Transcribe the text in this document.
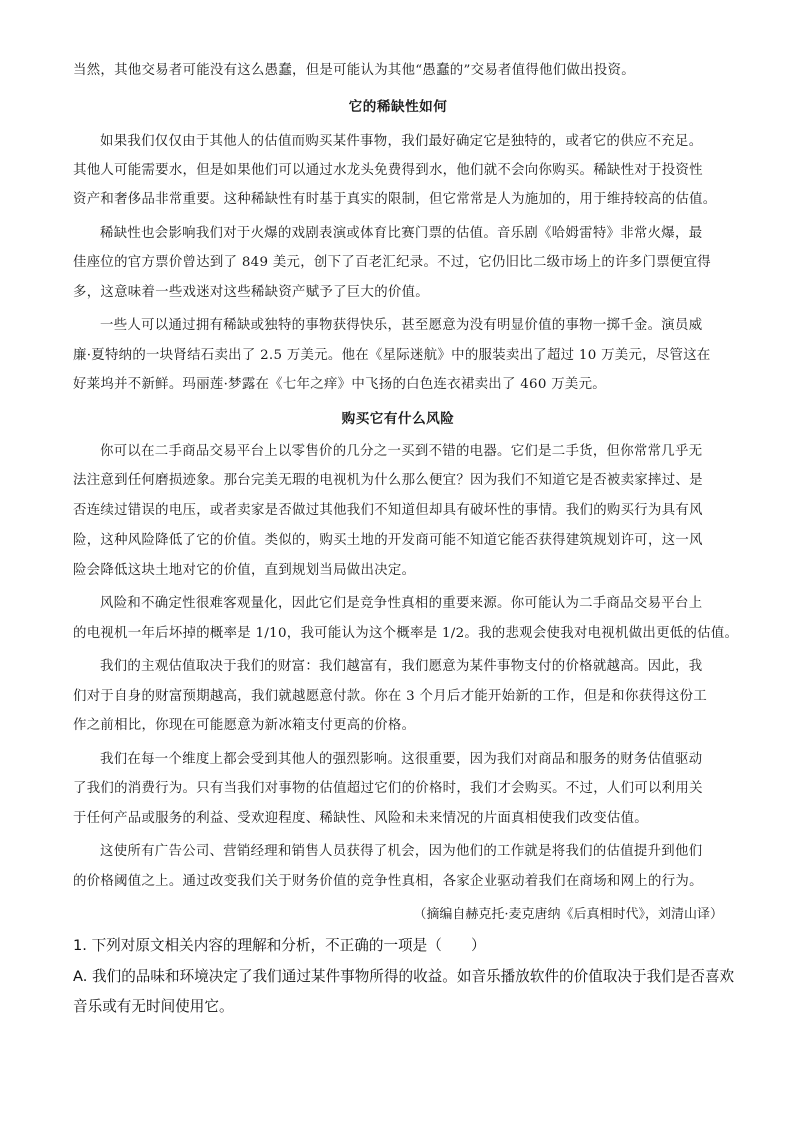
当然，其他交易者可能没有这么愚蠢，但是可能认为其他“愚蠢的”交易者值得他们做出投资。
它的稀缺性如何
如果我们仅仅由于其他人的估值而购买某件事物，我们最好确定它是独特的，或者它的供应不充足。
其他人可能需要水，但是如果他们可以通过水龙头免费得到水，他们就不会向你购买。稀缺性对于投资性
资产和奢侈品非常重要。这种稀缺性有时基于真实的限制，但它常常是人为施加的，用于维持较高的估值。
稀缺性也会影响我们对于火爆的戏剧表演或体育比赛门票的估值。音乐剧《哈姆雷特》非常火爆，最
佳座位的官方票价曾达到了 849 美元，创下了百老汇纪录。不过，它仍旧比二级市场上的许多门票便宜得
多，这意味着一些戏迷对这些稀缺资产赋予了巨大的价值。
一些人可以通过拥有稀缺或独特的事物获得快乐，甚至愿意为没有明显价值的事物一掷千金。演员威
廉·夏特纳的一块肾结石卖出了 2.5 万美元。他在《星际迷航》中的服装卖出了超过 10 万美元，尽管这在
好莱坞并不新鲜。玛丽莲·梦露在《七年之痒》中飞扬的白色连衣裙卖出了 460 万美元。
购买它有什么风险
你可以在二手商品交易平台上以零售价的几分之一买到不错的电器。它们是二手货，但你常常几乎无
法注意到任何磨损迹象。那台完美无瑕的电视机为什么那么便宜？因为我们不知道它是否被卖家摔过、是
否连续过错误的电压，或者卖家是否做过其他我们不知道但却具有破坏性的事情。我们的购买行为具有风
险，这种风险降低了它的价值。类似的，购买土地的开发商可能不知道它能否获得建筑规划许可，这一风
险会降低这块土地对它的价值，直到规划当局做出决定。
风险和不确定性很难客观量化，因此它们是竞争性真相的重要来源。你可能认为二手商品交易平台上
的电视机一年后坏掉的概率是 1/10，我可能认为这个概率是 1/2。我的悲观会使我对电视机做出更低的估值。
我们的主观估值取决于我们的财富：我们越富有，我们愿意为某件事物支付的价格就越高。因此，我
们对于自身的财富预期越高，我们就越愿意付款。你在 3 个月后才能开始新的工作，但是和你获得这份工
作之前相比，你现在可能愿意为新冰箱支付更高的价格。
我们在每一个维度上都会受到其他人的强烈影响。这很重要，因为我们对商品和服务的财务估值驱动
了我们的消费行为。只有当我们对事物的估值超过它们的价格时，我们才会购买。不过，人们可以利用关
于任何产品或服务的利益、受欢迎程度、稀缺性、风险和未来情况的片面真相使我们改变估值。
这使所有广告公司、营销经理和销售人员获得了机会，因为他们的工作就是将我们的估值提升到他们
的价格阈值之上。通过改变我们关于财务价值的竞争性真相，各家企业驱动着我们在商场和网上的行为。
（摘编自赫克托·麦克唐纳《后真相时代》，刘清山译）
1. 下列对原文相关内容的理解和分析，不正确的一项是（　　）
A. 我们的品味和环境决定了我们通过某件事物所得的收益。如音乐播放软件的价值取决于我们是否喜欢
音乐或有无时间使用它。
